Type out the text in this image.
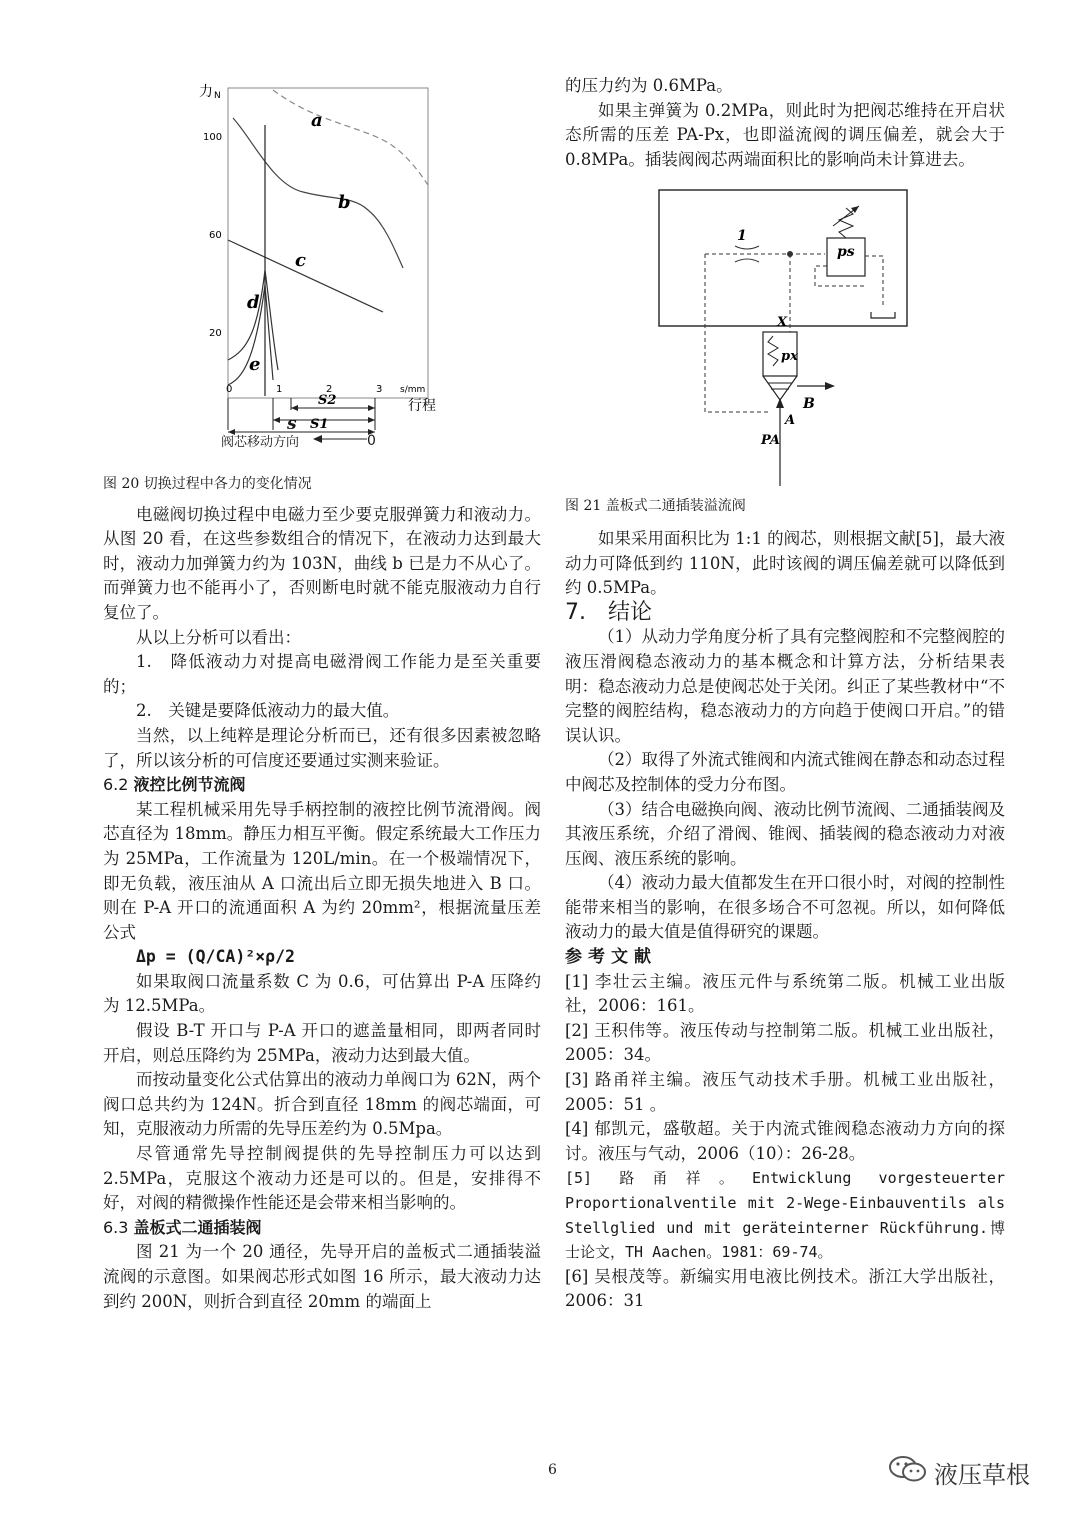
力 N
100
60
20
0	1	2	3 s/mm
行程
a
b
c
d
e
S2
S1
s
阀芯移动方向	0

图 20 切换过程中各力的变化情况

电磁阀切换过程中电磁力至少要克服弹簧力和液动力。从图 20 看，在这些参数组合的情况下，在液动力达到最大时，液动力加弹簧力约为 103N，曲线 b 已是力不从心了。而弹簧力也不能再小了，否则断电时就不能克服液动力自行复位了。

从以上分析可以看出：

1.　降低液动力对提高电磁滑阀工作能力是至关重要的；

2.　关键是要降低液动力的最大值。

当然，以上纯粹是理论分析而已，还有很多因素被忽略了，所以该分析的可信度还要通过实测来验证。

6.2 液控比例节流阀

某工程机械采用先导手柄控制的液控比例节流滑阀。阀芯直径为 18mm。静压力相互平衡。假定系统最大工作压力为 25MPa，工作流量为 120L/min。在一个极端情况下，即无负载，液压油从 A 口流出后立即无损失地进入 B 口。则在 P-A 开口的流通面积 A 为约 20mm²，根据流量压差公式

Δp = (Q/CA)²×ρ/2

如果取阀口流量系数 C 为 0.6，可估算出 P-A 压降约为 12.5MPa。

假设 B-T 开口与 P-A 开口的遮盖量相同，即两者同时开启，则总压降约为 25MPa，液动力达到最大值。

而按动量变化公式估算出的液动力单阀口为 62N，两个阀口总共约为 124N。折合到直径 18mm 的阀芯端面，可知，克服液动力所需的先导压差约为 0.5Mpa。

尽管通常先导控制阀提供的先导控制压力可以达到 2.5MPa，克服这个液动力还是可以的。但是，安排得不好，对阀的精微操作性能还是会带来相当影响的。

6.3 盖板式二通插装阀

图 21 为一个 20 通径，先导开启的盖板式二通插装溢流阀的示意图。如果阀芯形式如图 16 所示，最大液动力达到约 200N，则折合到直径 20mm 的端面上

的压力约为 0.6MPa。

如果主弹簧为 0.2MPa，则此时为把阀芯维持在开启状态所需的压差 PA-Px，也即溢流阀的调压偏差，就会大于 0.8MPa。插装阀阀芯两端面积比的影响尚未计算进去。

1
ps
X
px
B
A
PA

图 21 盖板式二通插装溢流阀

如果采用面积比为 1:1 的阀芯，则根据文献[5]，最大液动力可降低到约 110N，此时该阀的调压偏差就可以降低到约 0.5MPa。

7.　结论

（1）从动力学角度分析了具有完整阀腔和不完整阀腔的液压滑阀稳态液动力的基本概念和计算方法，分析结果表明：稳态液动力总是使阀芯处于关闭。纠正了某些教材中“不完整的阀腔结构，稳态液动力的方向趋于使阀口开启。”的错误认识。

（2）取得了外流式锥阀和内流式锥阀在静态和动态过程中阀芯及控制体的受力分布图。

（3）结合电磁换向阀、液动比例节流阀、二通插装阀及其液压系统，介绍了滑阀、锥阀、插装阀的稳态液动力对液压阀、液压系统的影响。

（4）液动力最大值都发生在开口很小时，对阀的控制性能带来相当的影响，在很多场合不可忽视。所以，如何降低液动力的最大值是值得研究的课题。

参考文献

[1] 李壮云主编。液压元件与系统第二版。机械工业出版社，2006：161。

[2] 王积伟等。液压传动与控制第二版。机械工业出版社，2005：34。

[3] 路甬祥主编。液压气动技术手册。机械工业出版社，2005：51 。

[4] 郁凯元，盛敬超。关于内流式锥阀稳态液动力方向的探讨。液压与气动，2006（10）：26-28。

[5] 路甬祥。Entwicklung vorgesteuerter Proportionalventile mit 2-Wege-Einbauventils als Stellglied und mit geräteinterner Rückführung.博士论文，TH Aachen。1981：69-74。

[6] 吴根茂等。新编实用电液比例技术。浙江大学出版社，2006：31

6	液压草根
